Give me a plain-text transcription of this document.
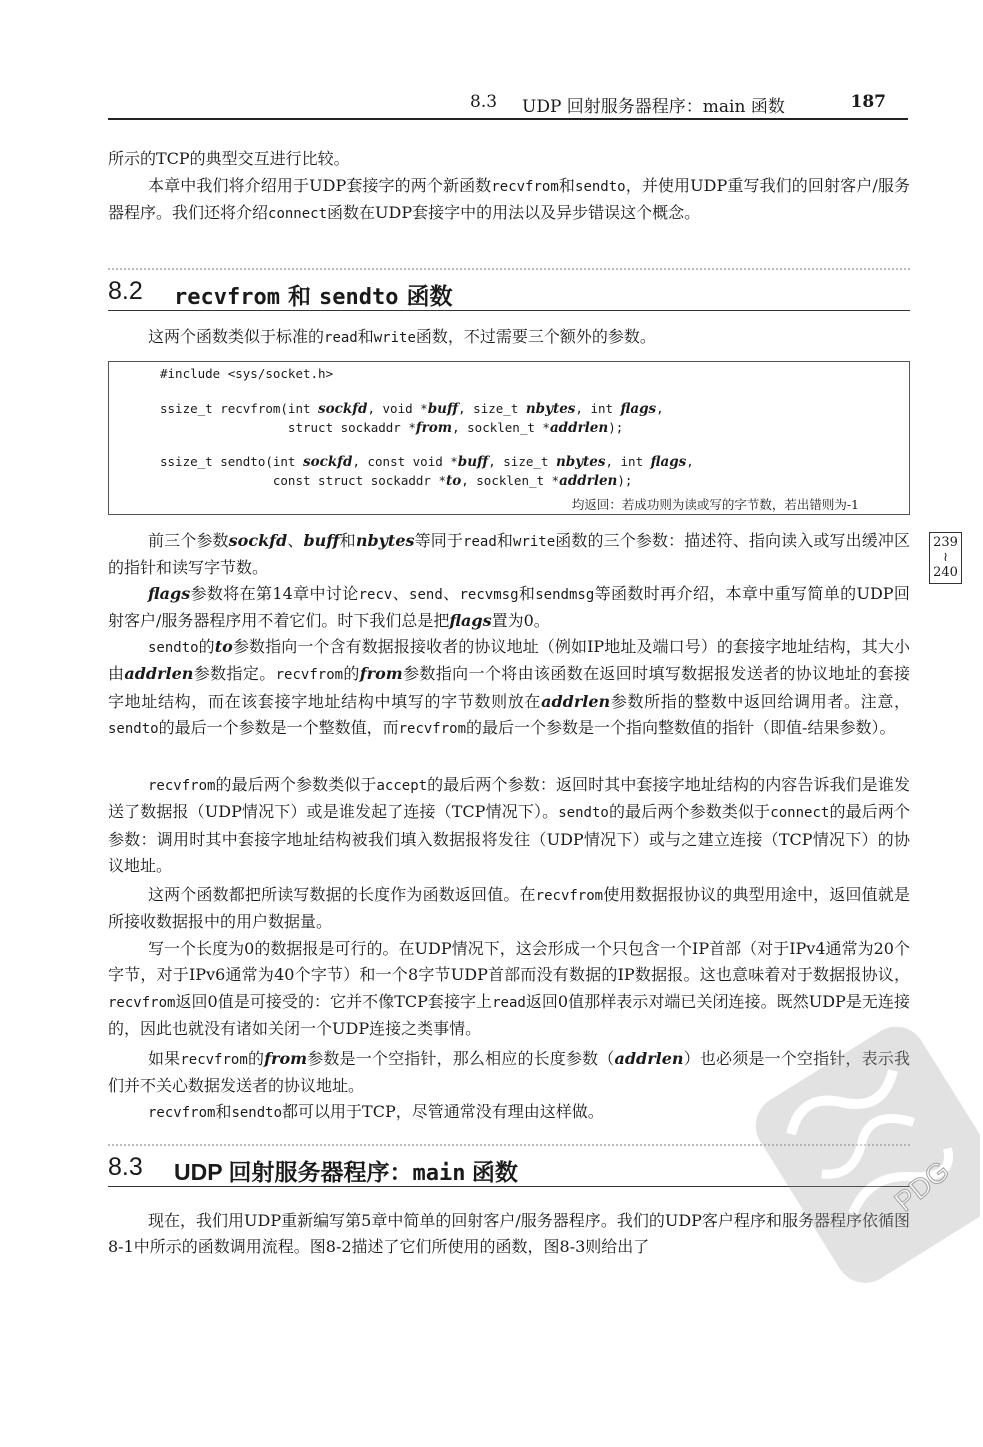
8.3 UDP 回射服务器程序：main 函数	187

所示的TCP的典型交互进行比较。

本章中我们将介绍用于UDP套接字的两个新函数recvfrom和sendto，并使用UDP重写我们的回射客户/服务器程序。我们还将介绍connect函数在UDP套接字中的用法以及异步错误这个概念。

8.2 recvfrom 和 sendto 函数

这两个函数类似于标准的read和write函数，不过需要三个额外的参数。

#include <sys/socket.h>
ssize_t recvfrom(int sockfd, void *buff, size_t nbytes, int flags,
struct sockaddr *from, socklen_t *addrlen);
ssize_t sendto(int sockfd, const void *buff, size_t nbytes, int flags,
const struct sockaddr *to, socklen_t *addrlen);
均返回：若成功则为读或写的字节数，若出错则为-1
239
≀
240

前三个参数sockfd、buff和nbytes等同于read和write函数的三个参数：描述符、指向读入或写出缓冲区的指针和读写字节数。

flags参数将在第14章中讨论recv、send、recvmsg和sendmsg等函数时再介绍，本章中重写简单的UDP回射客户/服务器程序用不着它们。时下我们总是把flags置为0。

sendto的to参数指向一个含有数据报接收者的协议地址（例如IP地址及端口号）的套接字地址结构，其大小由addrlen参数指定。recvfrom的from参数指向一个将由该函数在返回时填写数据报发送者的协议地址的套接字地址结构，而在该套接字地址结构中填写的字节数则放在addrlen参数所指的整数中返回给调用者。注意，sendto的最后一个参数是一个整数值，而recvfrom的最后一个参数是一个指向整数值的指针（即值-结果参数）。

recvfrom的最后两个参数类似于accept的最后两个参数：返回时其中套接字地址结构的内容告诉我们是谁发送了数据报（UDP情况下）或是谁发起了连接（TCP情况下）。sendto的最后两个参数类似于connect的最后两个参数：调用时其中套接字地址结构被我们填入数据报将发往（UDP情况下）或与之建立连接（TCP情况下）的协议地址。

这两个函数都把所读写数据的长度作为函数返回值。在recvfrom使用数据报协议的典型用途中，返回值就是所接收数据报中的用户数据量。

写一个长度为0的数据报是可行的。在UDP情况下，这会形成一个只包含一个IP首部（对于IPv4通常为20个字节，对于IPv6通常为40个字节）和一个8字节UDP首部而没有数据的IP数据报。这也意味着对于数据报协议，recvfrom返回0值是可接受的：它并不像TCP套接字上read返回0值那样表示对端已关闭连接。既然UDP是无连接的，因此也就没有诸如关闭一个UDP连接之类事情。

如果recvfrom的from参数是一个空指针，那么相应的长度参数（addrlen）也必须是一个空指针，表示我们并不关心数据发送者的协议地址。

recvfrom和sendto都可以用于TCP，尽管通常没有理由这样做。

8.3 UDP 回射服务器程序：main 函数

现在，我们用UDP重新编写第5章中简单的回射客户/服务器程序。我们的UDP客户程序和服务器程序依循图8-1中所示的函数调用流程。图8-2描述了它们所使用的函数，图8-3则给出了

PDG
